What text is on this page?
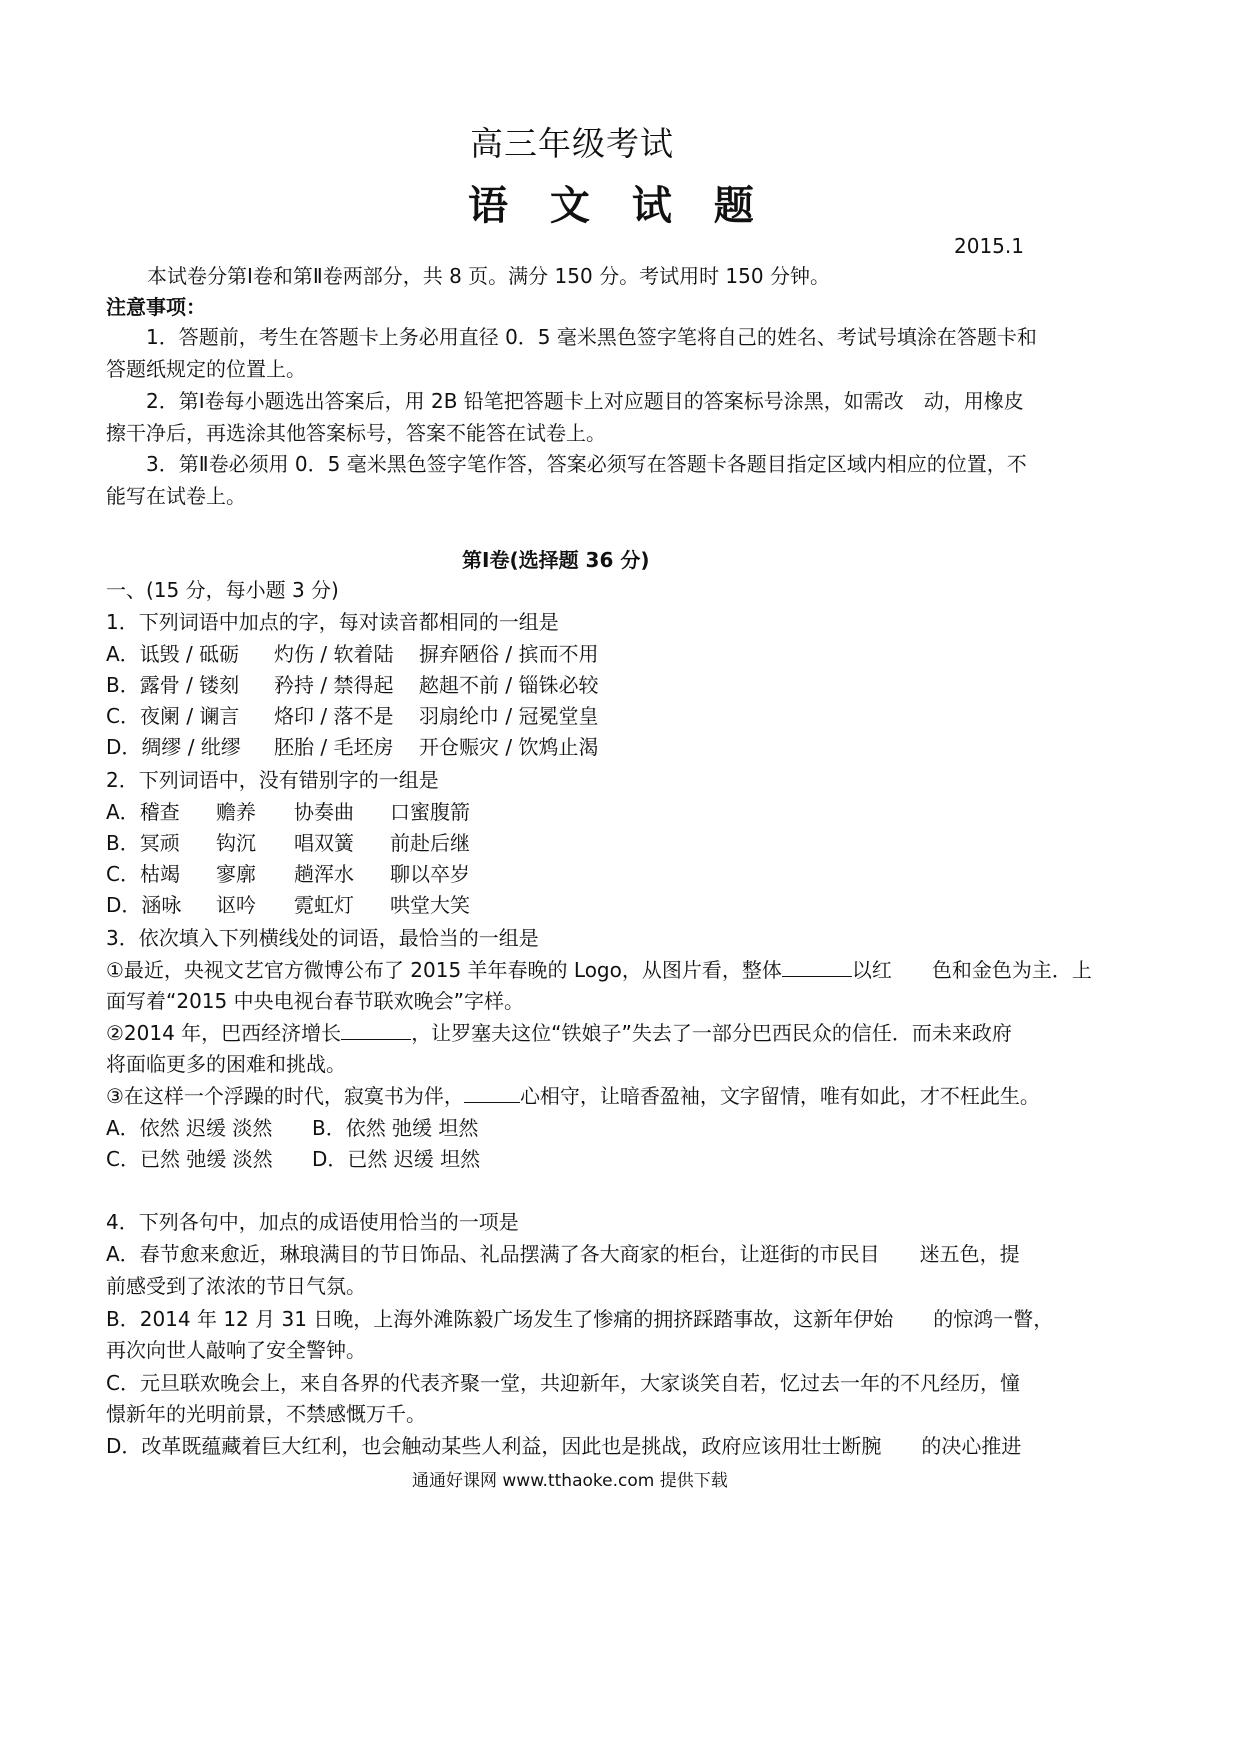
高三年级考试
语 文 试 题
2015.1
本试卷分第Ⅰ卷和第Ⅱ卷两部分，共 8 页。满分 150 分。考试用时 150 分钟。
注意事项：
1．答题前，考生在答题卡上务必用直径 0．5 毫米黑色签字笔将自己的姓名、考试号填涂在答题卡和
答题纸规定的位置上。
2．第Ⅰ卷每小题选出答案后，用 2B 铅笔把答题卡上对应题目的答案标号涂黑，如需改　动，用橡皮
擦干净后，再选涂其他答案标号，答案不能答在试卷上。
3．第Ⅱ卷必须用 0．5 毫米黑色签字笔作答，答案必须写在答题卡各题目指定区域内相应的位置，不
能写在试卷上。
第Ⅰ卷(选择题 36 分)
一、(15 分，每小题 3 分)
1．下列词语中加点的字，每对读音都相同的一组是
A．诋毁 / 砥砺	灼伤 / 软着陆	摒弃陋俗 / 摈而不用
B．露骨 / 镂刻	矜持 / 禁得起	趑趄不前 / 锱铢必较
C．夜阑 / 谰言	烙印 / 落不是	羽扇纶巾 / 冠冕堂皇
D．绸缪 / 纰缪	胚胎 / 毛坯房	开仓赈灾 / 饮鸩止渴
2．下列词语中，没有错别字的一组是
A．稽查	赡养	协奏曲	口蜜腹箭
B．冥顽	钩沉	唱双簧	前赴后继
C．枯竭	寥廓	趟浑水	聊以卒岁
D．涵咏	讴吟	霓虹灯	哄堂大笑
3．依次填入下列横线处的词语，最恰当的一组是
①最近，央视文艺官方微博公布了 2015 羊年春晚的 Logo，从图片看，整体	以红　　色和金色为主．上
面写着“2015 中央电视台春节联欢晚会”字样。
②2014 年，巴西经济增长	，让罗塞夫这位“铁娘子”失去了一部分巴西民众的信任．而未来政府
将面临更多的困难和挑战。
③在这样一个浮躁的时代，寂寞书为伴，	心相守，让暗香盈袖，文字留情，唯有如此，才不枉此生。
A．依然 迟缓 淡然	B．依然 弛缓 坦然
C．已然 弛缓 淡然	D．已然 迟缓 坦然
4．下列各句中，加点的成语使用恰当的一项是
A．春节愈来愈近，琳琅满目的节日饰品、礼品摆满了各大商家的柜台，让逛街的市民目　　迷五色，提
前感受到了浓浓的节日气氛。
B．2014 年 12 月 31 日晚，上海外滩陈毅广场发生了惨痛的拥挤踩踏事故，这新年伊始　　的惊鸿一瞥，
再次向世人敲响了安全警钟。
C．元旦联欢晚会上，来自各界的代表齐聚一堂，共迎新年，大家谈笑自若，忆过去一年的不凡经历，憧
憬新年的光明前景，不禁感慨万千。
D．改革既蕴藏着巨大红利，也会触动某些人利益，因此也是挑战，政府应该用壮士断腕　　的决心推进
通通好课网 www.tthaoke.com 提供下载
